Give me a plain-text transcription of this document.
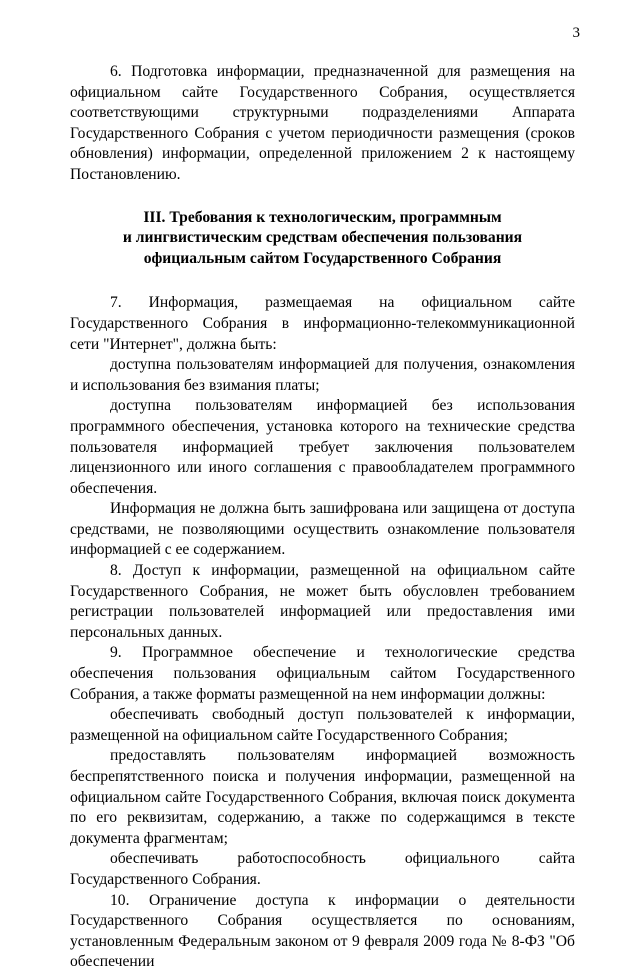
3

6. Подготовка информации, предназначенной для размещения на официальном сайте Государственного Собрания, осуществляется соответствующими структурными подразделениями Аппарата Государственного Собрания с учетом периодичности размещения (сроков обновления) информации, определенной приложением 2 к настоящему Постановлению.

III. Требования к технологическим, программным
и лингвистическим средствам обеспечения пользования
официальным сайтом Государственного Собрания

7. Информация, размещаемая на официальном сайте Государственного Собрания в информационно-телекоммуникационной сети "Интернет", должна быть:

доступна пользователям информацией для получения, ознакомления и использования без взимания платы;

доступна пользователям информацией без использования программного обеспечения, установка которого на технические средства пользователя информацией требует заключения пользователем лицензионного или иного соглашения с правообладателем программного обеспечения.

Информация не должна быть зашифрована или защищена от доступа средствами, не позволяющими осуществить ознакомление пользователя информацией с ее содержанием.

8. Доступ к информации, размещенной на официальном сайте Государственного Собрания, не может быть обусловлен требованием регистрации пользователей информацией или предоставления ими персональных данных.

9. Программное обеспечение и технологические средства обеспечения пользования официальным сайтом Государственного Собрания, а также форматы размещенной на нем информации должны:

обеспечивать свободный доступ пользователей к информации, размещенной на официальном сайте Государственного Собрания;

предоставлять пользователям информацией возможность беспрепятственного поиска и получения информации, размещенной на официальном сайте Государственного Собрания, включая поиск документа по его реквизитам, содержанию, а также по содержащимся в тексте документа фрагментам;

обеспечивать работоспособность официального сайта Государственного Собрания.

10. Ограничение доступа к информации о деятельности Государственного Собрания осуществляется по основаниям, установленным Федеральным законом от 9 февраля 2009 года № 8-ФЗ "Об обеспечении
